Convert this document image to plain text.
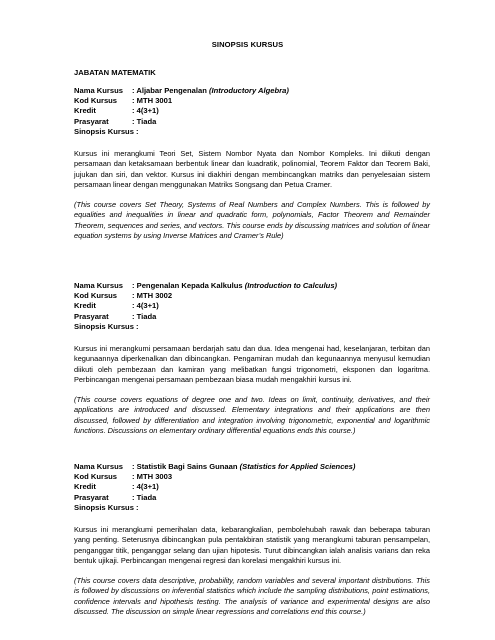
SINOPSIS KURSUS
JABATAN MATEMATIK
Nama Kursus : Aljabar Pengenalan (Introductory Algebra)
Kod Kursus : MTH 3001
Kredit	: 4(3+1)
Prasyarat	: Tiada
Sinopsis Kursus :

Kursus ini merangkumi Teori Set, Sistem Nombor Nyata dan Nombor Kompleks. Ini diikuti dengan persamaan dan ketaksamaan berbentuk linear dan kuadratik, polinomial, Teorem Faktor dan Teorem Baki, jujukan dan siri, dan vektor. Kursus ini diakhiri dengan membincangkan matriks dan penyelesaian sistem persamaan linear dengan menggunakan Matriks Songsang dan Petua Cramer.

(This course covers Set Theory, Systems of Real Numbers and Complex Numbers. This is followed by equalities and inequalities in linear and quadratic form, polynomials, Factor Theorem and Remainder Theorem, sequences and series, and vectors. This course ends by discussing matrices and solution of linear equation systems by using Inverse Matrices and Cramer’s Rule)

Nama Kursus : Pengenalan Kepada Kalkulus (Introduction to Calculus)
Kod Kursus : MTH 3002
Kredit	: 4(3+1)
Prasyarat	: Tiada
Sinopsis Kursus :

Kursus ini merangkumi persamaan berdarjah satu dan dua. Idea mengenai had, keselanjaran, terbitan dan kegunaannya diperkenalkan dan dibincangkan. Pengamiran mudah dan kegunaannya menyusul kemudian diikuti oleh pembezaan dan kamiran yang melibatkan fungsi trigonometri, eksponen dan logaritma. Perbincangan mengenai persamaan pembezaan biasa mudah mengakhiri kursus ini.

(This course covers equations of degree one and two. Ideas on limit, continuity, derivatives, and their applications are introduced and discussed. Elementary integrations and their applications are then discussed, followed by differentiation and integration involving trigonometric, exponential and logarithmic functions. Discussions on elementary ordinary differential equations ends this course.)

Nama Kursus : Statistik Bagi Sains Gunaan (Statistics for Applied Sciences)
Kod Kursus : MTH 3003
Kredit	: 4(3+1)
Prasyarat	: Tiada
Sinopsis Kursus :

Kursus ini merangkumi pemerihalan data, kebarangkalian, pembolehubah rawak dan beberapa taburan yang penting. Seterusnya dibincangkan pula pentakbiran statistik yang merangkumi taburan pensampelan, penganggar titik, penganggar selang dan ujian hipotesis. Turut dibincangkan ialah analisis varians dan reka bentuk ujikaji. Perbincangan mengenai regresi dan korelasi mengakhiri kursus ini.

(This course covers data descriptive, probability, random variables and several important distributions. This is followed by discussions on inferential statistics which include the sampling distributions, point estimations, confidence intervals and hipothesis testing. The analysis of variance and experimental designs are also discussed. The discussion on simple linear regressions and correlations end this course.)
